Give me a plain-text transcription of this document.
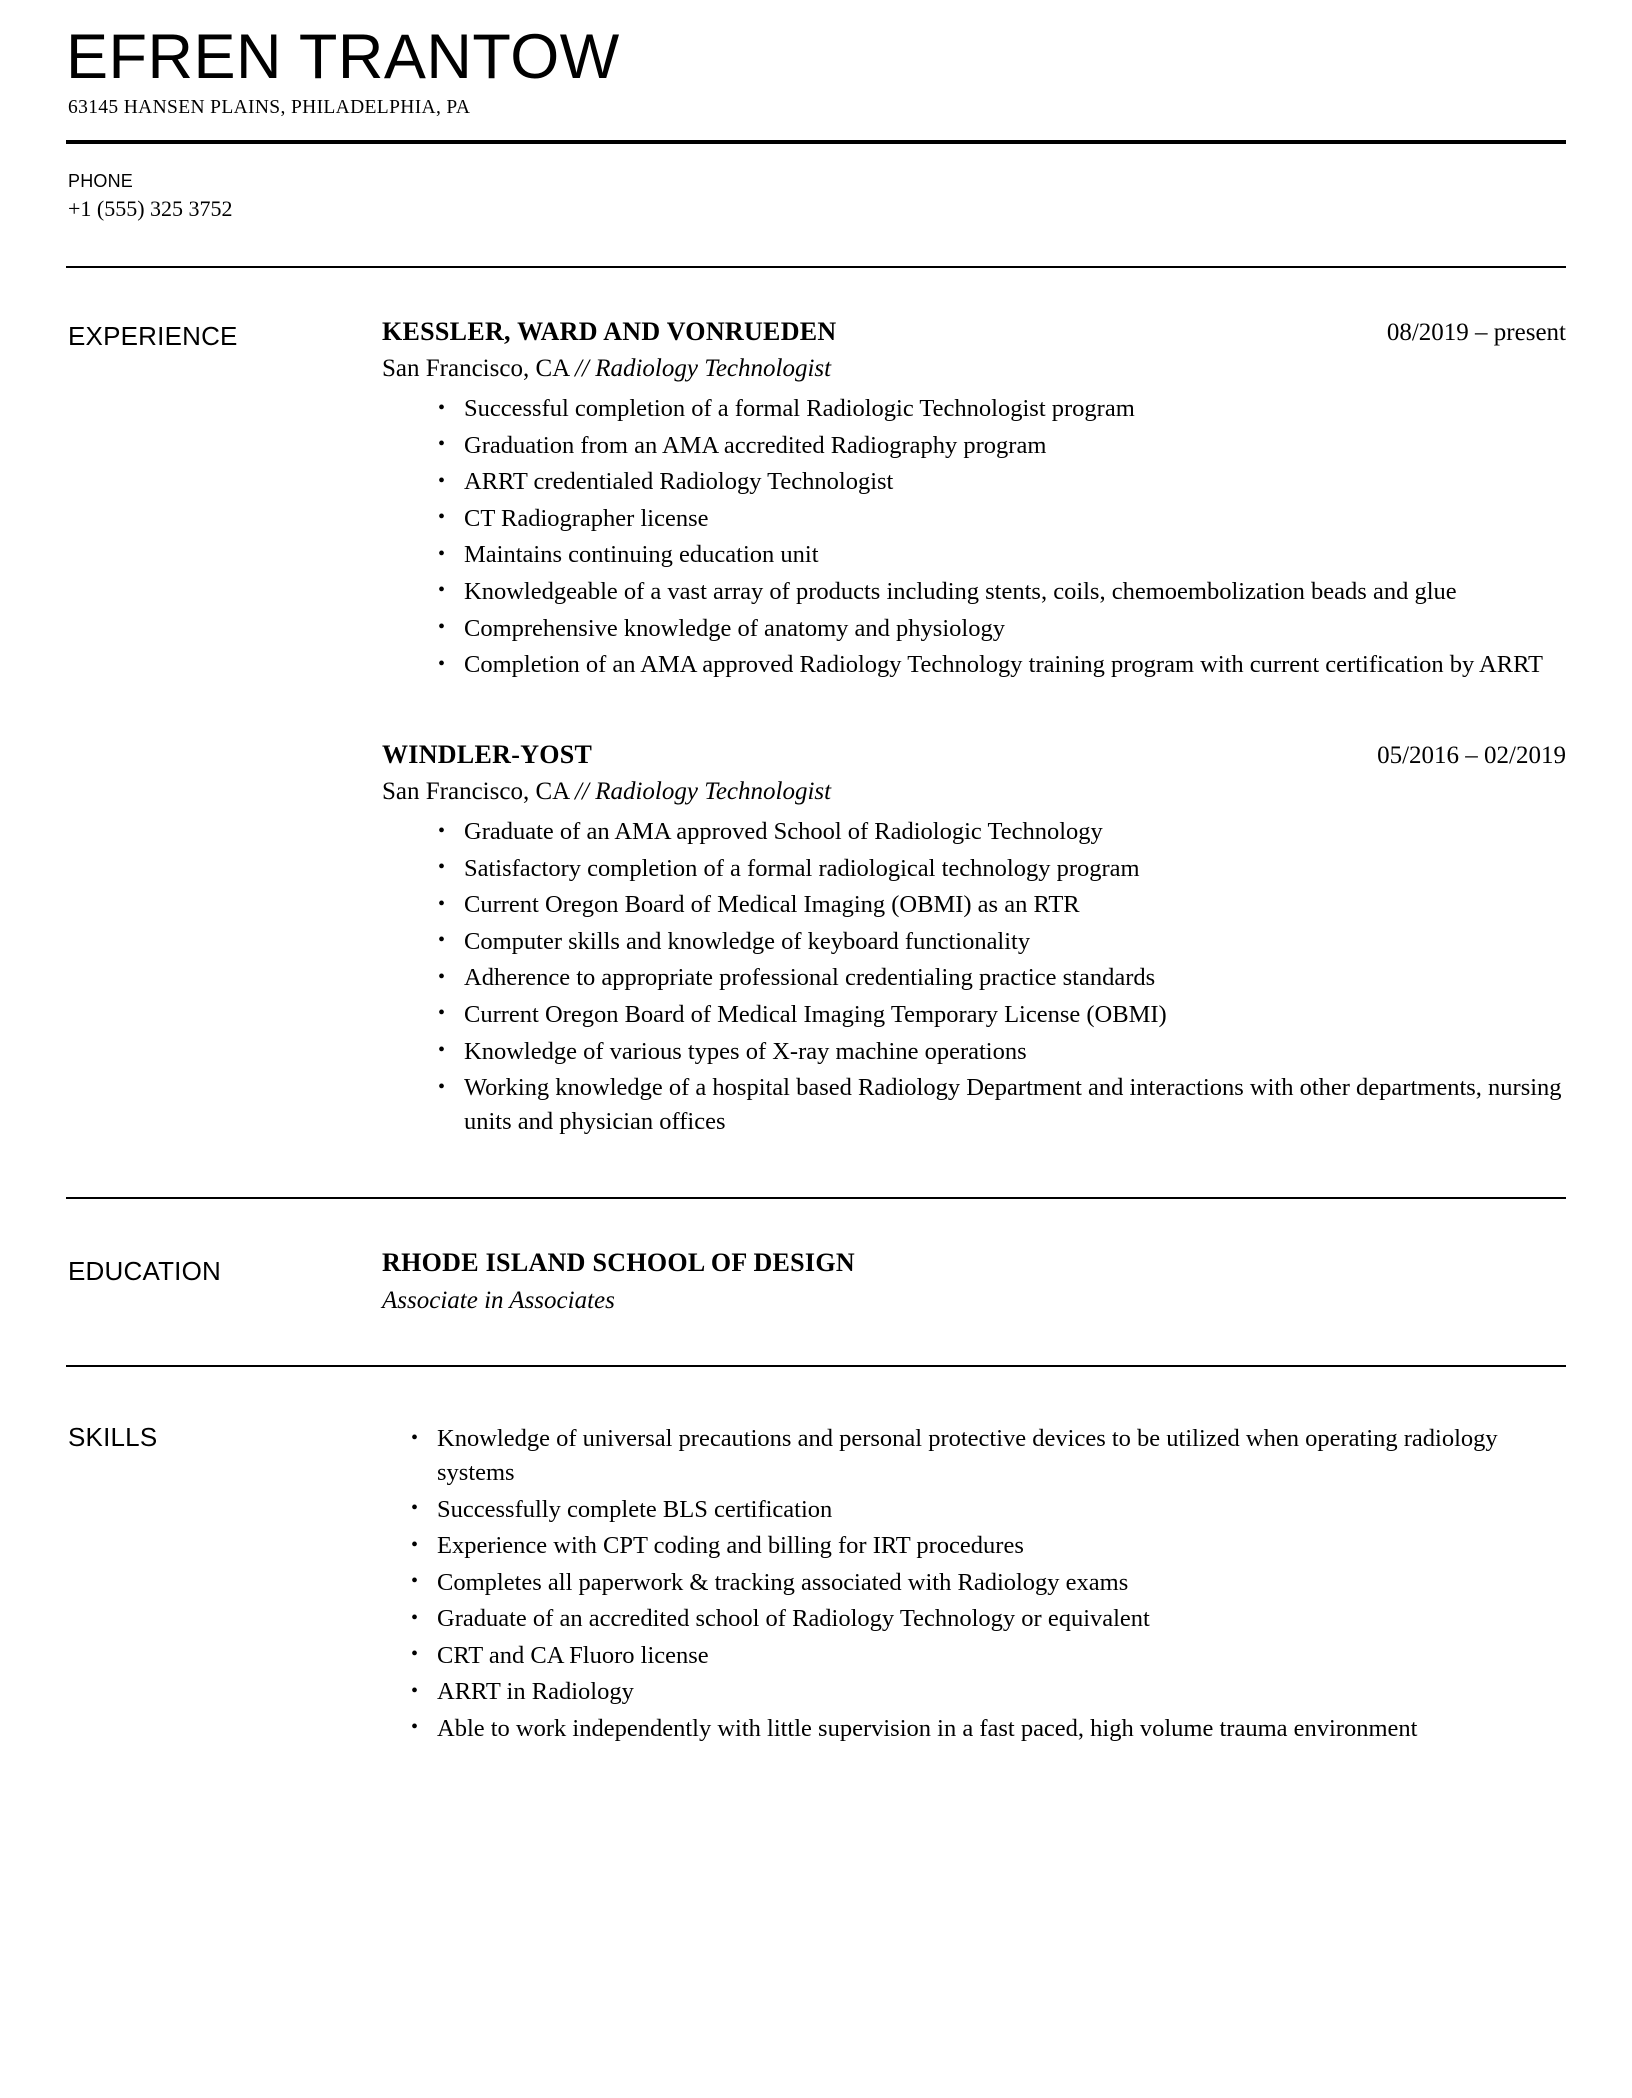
EFREN TRANTOW
63145 HANSEN PLAINS, PHILADELPHIA, PA
PHONE
+1 (555) 325 3752
EXPERIENCE	KESSLER, WARD AND VONRUEDEN	08/2019 – present
San Francisco, CA // Radiology Technologist
• Successful completion of a formal Radiologic Technologist program
• Graduation from an AMA accredited Radiography program
• ARRT credentialed Radiology Technologist
• CT Radiographer license
• Maintains continuing education unit
• Knowledgeable of a vast array of products including stents, coils, chemoembolization beads and glue
• Comprehensive knowledge of anatomy and physiology
• Completion of an AMA approved Radiology Technology training program with current certification by ARRT
WINDLER-YOST	05/2016 – 02/2019
San Francisco, CA // Radiology Technologist
• Graduate of an AMA approved School of Radiologic Technology
• Satisfactory completion of a formal radiological technology program
• Current Oregon Board of Medical Imaging (OBMI) as an RTR
• Computer skills and knowledge of keyboard functionality
• Adherence to appropriate professional credentialing practice standards
• Current Oregon Board of Medical Imaging Temporary License (OBMI)
• Knowledge of various types of X-ray machine operations
• Working knowledge of a hospital based Radiology Department and interactions with other departments, nursing units and physician offices
EDUCATION	RHODE ISLAND SCHOOL OF DESIGN
Associate in Associates
SKILLS	• Knowledge of universal precautions and personal protective devices to be utilized when operating radiology systems
• Successfully complete BLS certification
• Experience with CPT coding and billing for IRT procedures
• Completes all paperwork & tracking associated with Radiology exams
• Graduate of an accredited school of Radiology Technology or equivalent
• CRT and CA Fluoro license
• ARRT in Radiology
• Able to work independently with little supervision in a fast paced, high volume trauma environment
